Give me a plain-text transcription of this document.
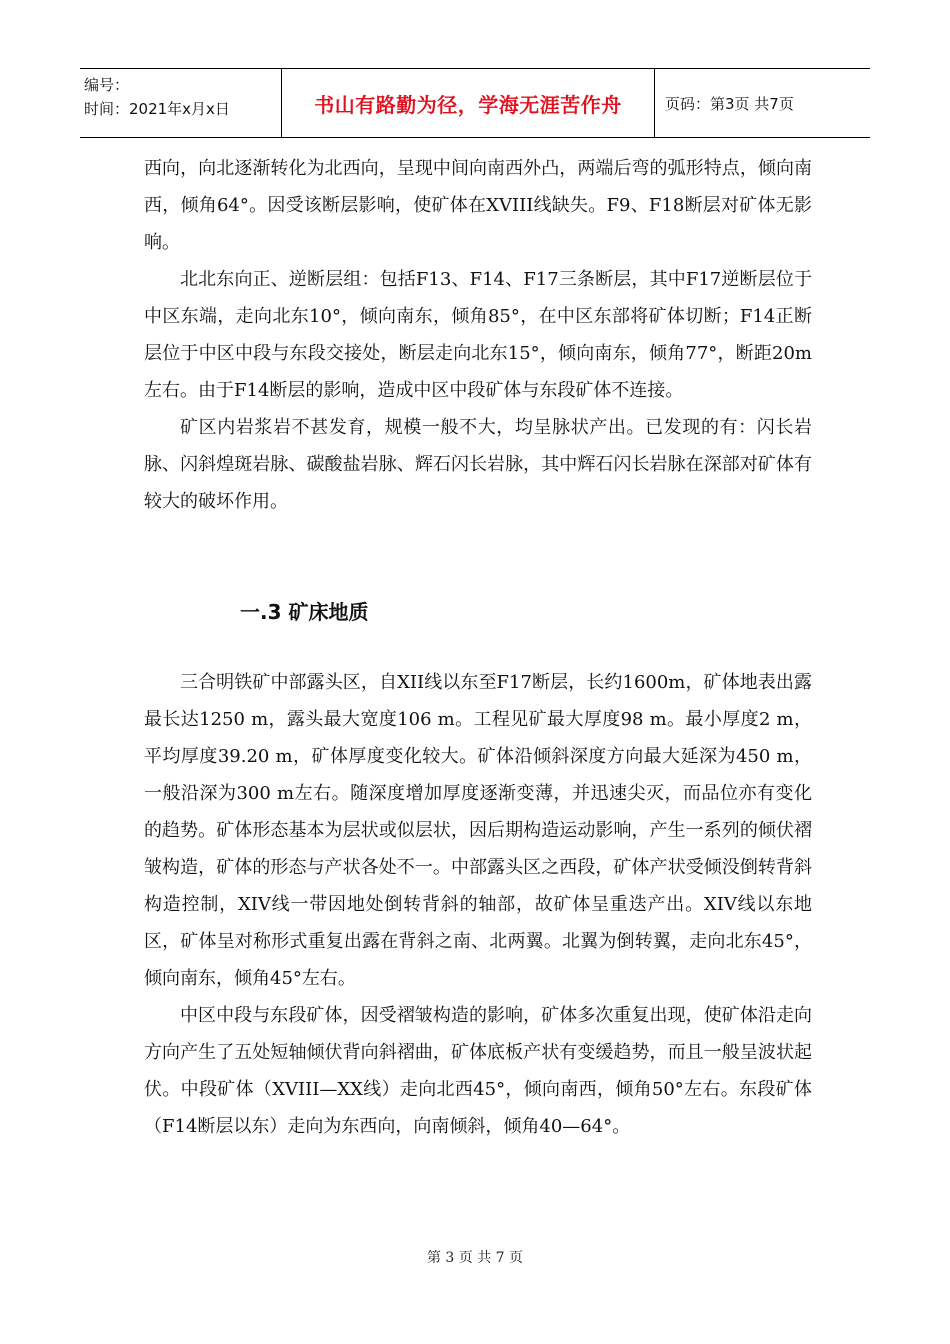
编号：
时间：2021年x月x日	书山有路勤为径，学海无涯苦作舟	页码：第3页 共7页

西向，向北逐渐转化为北西向，呈现中间向南西外凸，两端后弯的弧形特点，倾向南西，倾角64°。因受该断层影响，使矿体在XVIII线缺失。F9、F18断层对矿体无影响。

北北东向正、逆断层组：包括F13、F14、F17三条断层，其中F17逆断层位于中区东端，走向北东10°，倾向南东，倾角85°，在中区东部将矿体切断；F14正断层位于中区中段与东段交接处，断层走向北东15°，倾向南东，倾角77°，断距20m左右。由于F14断层的影响，造成中区中段矿体与东段矿体不连接。

矿区内岩浆岩不甚发育，规模一般不大，均呈脉状产出。已发现的有：闪长岩脉、闪斜煌斑岩脉、碳酸盐岩脉、辉石闪长岩脉，其中辉石闪长岩脉在深部对矿体有较大的破坏作用。

一.3 矿床地质

三合明铁矿中部露头区，自XII线以东至F17断层，长约1600m，矿体地表出露最长达1250 m，露头最大宽度106 m。工程见矿最大厚度98 m。最小厚度2 m，平均厚度39.20 m，矿体厚度变化较大。矿体沿倾斜深度方向最大延深为450 m，一般沿深为300 m左右。随深度增加厚度逐渐变薄，并迅速尖灭，而品位亦有变化的趋势。矿体形态基本为层状或似层状，因后期构造运动影响，产生一系列的倾伏褶皱构造，矿体的形态与产状各处不一。中部露头区之西段，矿体产状受倾没倒转背斜构造控制，XIV线一带因地处倒转背斜的轴部，故矿体呈重迭产出。XIV线以东地区，矿体呈对称形式重复出露在背斜之南、北两翼。北翼为倒转翼，走向北东45°，倾向南东，倾角45°左右。

中区中段与东段矿体，因受褶皱构造的影响，矿体多次重复出现，使矿体沿走向方向产生了五处短轴倾伏背向斜褶曲，矿体底板产状有变缓趋势，而且一般呈波状起伏。中段矿体（XVIII—XX线）走向北西45°，倾向南西，倾角50°左右。东段矿体（F14断层以东）走向为东西向，向南倾斜，倾角40—64°。

第 3 页 共 7 页
